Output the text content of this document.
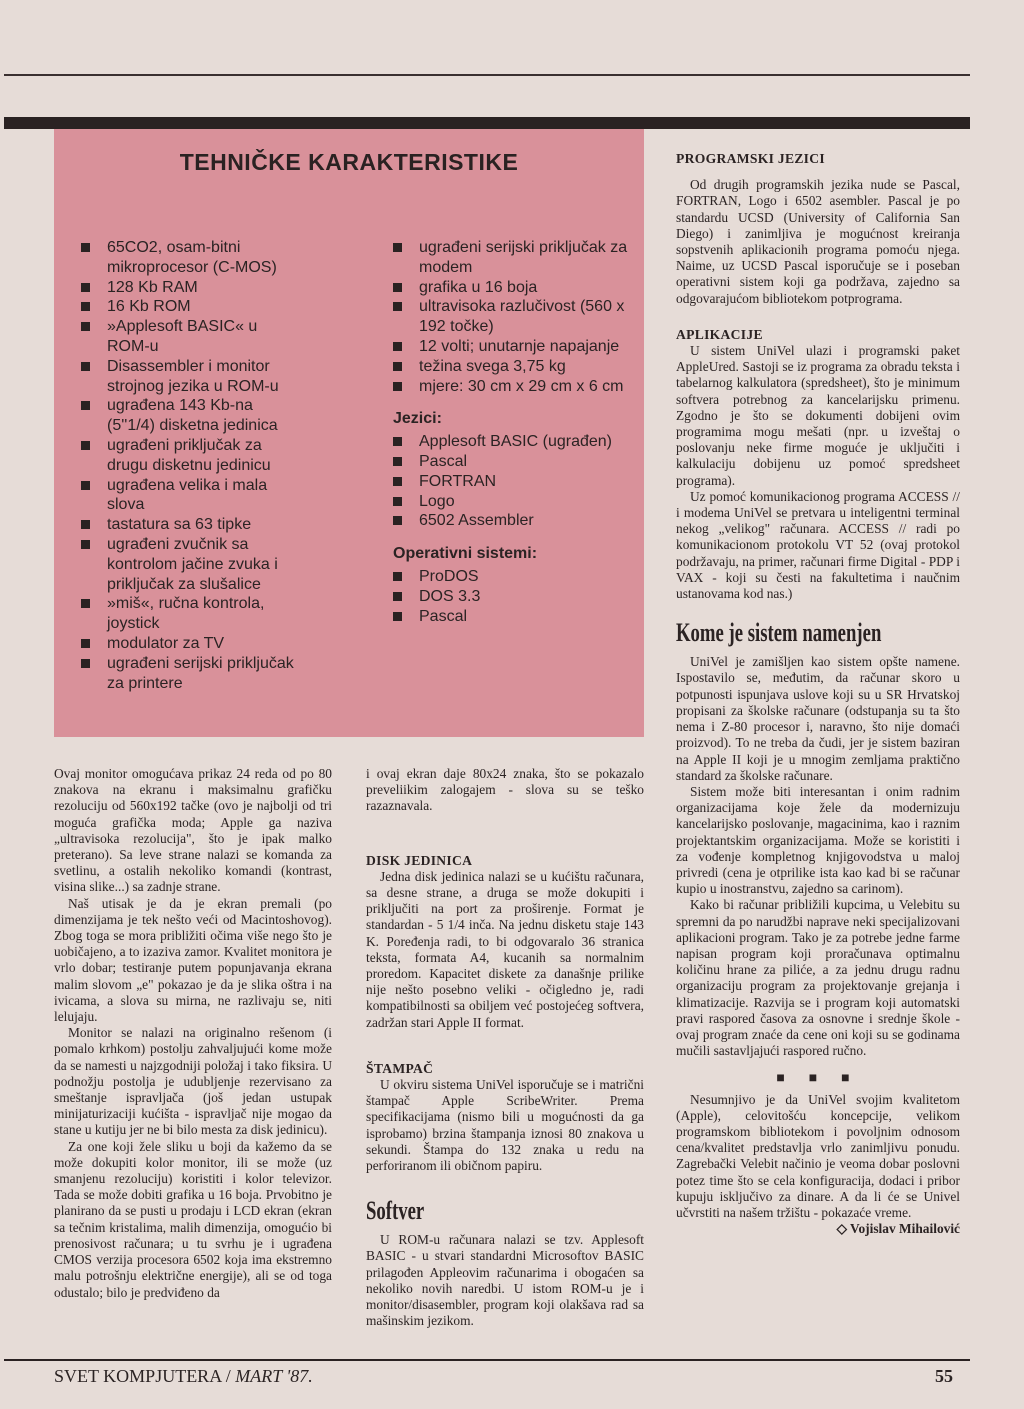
TEHNIČKE KARAKTERISTIKE
65CO2, osam-bitni mikroprocesor (C-MOS)
128 Kb RAM
16 Kb ROM
»Applesoft BASIC« u ROM-u
Disassembler i monitor strojnog jezika u ROM-u
ugrađena 143 Kb-na (5''1/4) disketna jedinica
ugrađeni priključak za drugu disketnu jedinicu
ugrađena velika i mala slova
tastatura sa 63 tipke
ugrađeni zvučnik sa kontrolom jačine zvuka i priključak za slušalice
»miš«, ručna kontrola, joystick
modulator za TV
ugrađeni serijski priključak za printere
ugrađeni serijski priključak za modem
grafika u 16 boja
ultravisoka razlučivost (560 x 192 točke)
12 volti; unutarnje napajanje
težina svega 3,75 kg
mjere: 30 cm x 29 cm x 6 cm
Jezici:
Applesoft BASIC (ugrađen)
Pascal
FORTRAN
Logo
6502 Assembler
Operativni sistemi:
ProDOS
DOS 3.3
Pascal

Ovaj monitor omogućava prikaz 24 reda od po 80 znakova na ekranu i maksimalnu grafičku rezoluciju od 560x192 tačke (ovo je najbolji od tri moguća grafička moda; Apple ga naziva „ultravisoka rezolucija", što je ipak malko preterano). Sa leve strane nalazi se komanda za svetlinu, a ostalih nekoliko komandi (kontrast, visina slike...) sa zadnje strane.

Naš utisak je da je ekran premali (po dimenzijama je tek nešto veći od Macintoshovog). Zbog toga se mora približiti očima više nego što je uobičajeno, a to izaziva zamor. Kvalitet monitora je vrlo dobar; testiranje putem popunjavanja ekrana malim slovom „e" pokazao je da je slika oštra i na ivicama, a slova su mirna, ne razlivaju se, niti lelujaju.

Monitor se nalazi na originalno rešenom (i pomalo krhkom) postolju zahvaljujući kome može da se namesti u najzgodniji položaj i tako fiksira. U podnožju postolja je udubljenje rezervisano za smeštanje ispravljača (još jedan ustupak minijaturizaciji kućišta - ispravljač nije mogao da stane u kutiju jer ne bi bilo mesta za disk jedinicu).

Za one koji žele sliku u boji da kažemo da se može dokupiti kolor monitor, ili se može (uz smanjenu rezoluciju) koristiti i kolor televizor. Tada se može dobiti grafika u 16 boja. Prvobitno je planirano da se pusti u prodaju i LCD ekran (ekran sa tečnim kristalima, malih dimenzija, omogućio bi prenosivost računara; u tu svrhu je i ugrađena CMOS verzija procesora 6502 koja ima ekstremno malu potrošnju električne energije), ali se od toga odustalo; bilo je predviđeno da

i ovaj ekran daje 80x24 znaka, što se pokazalo preveliikim zalogajem - slova su se teško razaznavala.

DISK JEDINICA

Jedna disk jedinica nalazi se u kućištu računara, sa desne strane, a druga se može dokupiti i priključiti na port za proširenje. Format je standardan - 5 1/4 inča. Na jednu disketu staje 143 K. Poređenja radi, to bi odgovaralo 36 stranica teksta, formata A4, kucanih sa normalnim proredom. Kapacitet diskete za današnje prilike nije nešto posebno veliki - očigledno je, radi kompatibilnosti sa obiljem već postojećeg softvera, zadržan stari Apple II format.

ŠTAMPAČ

U okviru sistema UniVel isporučuje se i matrični štampač Apple ScribeWriter. Prema specifikacijama (nismo bili u mogućnosti da ga isprobamo) brzina štampanja iznosi 80 znakova u sekundi. Štampa do 132 znaka u redu na perforiranom ili običnom papiru.

Softver

U ROM-u računara nalazi se tzv. Applesoft BASIC - u stvari standardni Microsoftov BASIC prilagođen Appleovim računarima i obogaćen sa nekoliko novih naredbi. U istom ROM-u je i monitor/disasembler, program koji olakšava rad sa mašinskim jezikom.

PROGRAMSKI JEZICI

Od drugih programskih jezika nude se Pascal, FORTRAN, Logo i 6502 asembler. Pascal je po standardu UCSD (University of California San Diego) i zanimljiva je mogućnost kreiranja sopstvenih aplikacionih programa pomoću njega. Naime, uz UCSD Pascal isporučuje se i poseban operativni sistem koji ga podržava, zajedno sa odgovarajućom bibliotekom potprograma.

APLIKACIJE

U sistem UniVel ulazi i programski paket AppleUred. Sastoji se iz programa za obradu teksta i tabelarnog kalkulatora (spredsheet), što je minimum softvera potrebnog za kancelarijsku primenu. Zgodno je što se dokumenti dobijeni ovim programima mogu mešati (npr. u izveštaj o poslovanju neke firme moguće je uključiti i kalkulaciju dobijenu uz pomoć spredsheet programa).

Uz pomoć komunikacionog programa ACCESS // i modema UniVel se pretvara u inteligentni terminal nekog „velikog" računara. ACCESS // radi po komunikacionom protokolu VT 52 (ovaj protokol podržavaju, na primer, računari firme Digital - PDP i VAX - koji su česti na fakultetima i naučnim ustanovama kod nas.)

Kome je sistem namenjen

UniVel je zamišljen kao sistem opšte namene. Ispostavilo se, međutim, da računar skoro u potpunosti ispunjava uslove koji su u SR Hrvatskoj propisani za školske računare (odstupanja su ta što nema i Z-80 procesor i, naravno, što nije domaći proizvod). To ne treba da čudi, jer je sistem baziran na Apple II koji je u mnogim zemljama praktično standard za školske računare.

Sistem može biti interesantan i onim radnim organizacijama koje žele da modernizuju kancelarijsko poslovanje, magacinima, kao i raznim projektantskim organizacijama. Može se koristiti i za vođenje kompletnog knjigovodstva u maloj privredi (cena je otprilike ista kao kad bi se računar kupio u inostranstvu, zajedno sa carinom).

Kako bi računar približili kupcima, u Velebitu su spremni da po narudžbi naprave neki specijalizovani aplikacioni program. Tako je za potrebe jedne farme napisan program koji proračunava optimalnu količinu hrane za piliće, a za jednu drugu radnu organizaciju program za projektovanje grejanja i klimatizacije. Razvija se i program koji automatski pravi raspored časova za osnovne i srednje škole - ovaj program znaće da cene oni koji su se godinama mučili sastavljajući raspored ručno.

■ ■ ■

Nesumnjivo je da UniVel svojim kvalitetom (Apple), celovitošću koncepcije, velikom programskom bibliotekom i povoljnim odnosom cena/kvalitet predstavlja vrlo zanimljivu ponudu. Zagrebački Velebit načinio je veoma dobar poslovni potez time što se cela konfiguracija, dodaci i pribor kupuju isključivo za dinare. A da li će se Univel učvrstiti na našem tržištu - pokazaće vreme.

◇ Vojislav Mihailović
SVET KOMPJUTERA / MART '87.	55
